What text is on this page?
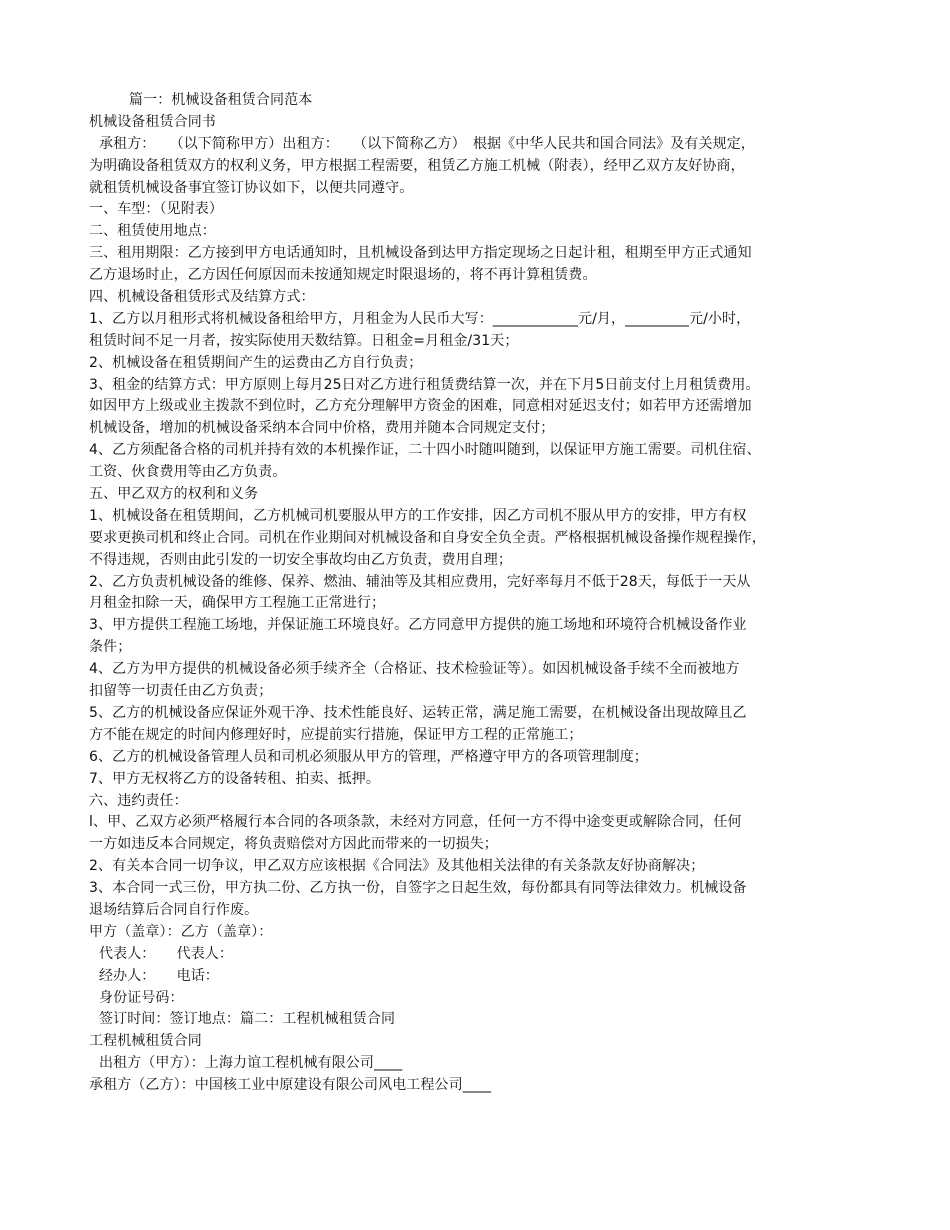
篇一：机械设备租赁合同范本
机械设备租赁合同书
承租方：　　（以下简称甲方）出租方：　　（以下简称乙方）　根据《中华人民共和国合同法》及有关规定，
为明确设备租赁双方的权利义务，甲方根据工程需要，租赁乙方施工机械（附表），经甲乙双方友好协商，
就租赁机械设备事宜签订协议如下，以便共同遵守。
一、车型：（见附表）
二、租赁使用地点：
三、租用期限：乙方接到甲方电话通知时，且机械设备到达甲方指定现场之日起计租，租期至甲方正式通知
乙方退场时止，乙方因任何原因而未按通知规定时限退场的，将不再计算租赁费。
四、机械设备租赁形式及结算方式：
1、乙方以月租形式将机械设备租给甲方，月租金为人民币大写：____________元/月，_________元/小时，
租赁时间不足一月者，按实际使用天数结算。日租金=月租金/31天；
2、机械设备在租赁期间产生的运费由乙方自行负责；
3、租金的结算方式：甲方原则上每月25日对乙方进行租赁费结算一次，并在下月5日前支付上月租赁费用。
如因甲方上级或业主拨款不到位时，乙方充分理解甲方资金的困难，同意相对延迟支付；如若甲方还需增加
机械设备，增加的机械设备采纳本合同中价格，费用并随本合同规定支付；
4、乙方须配备合格的司机并持有效的本机操作证，二十四小时随叫随到，以保证甲方施工需要。司机住宿、
工资、伙食费用等由乙方负责。
五、甲乙双方的权利和义务
1、机械设备在租赁期间，乙方机械司机要服从甲方的工作安排，因乙方司机不服从甲方的安排，甲方有权
要求更换司机和终止合同。司机在作业期间对机械设备和自身安全负全责。严格根据机械设备操作规程操作，
不得违规，否则由此引发的一切安全事故均由乙方负责，费用自理；
2、乙方负责机械设备的维修、保养、燃油、辅油等及其相应费用，完好率每月不低于28天，每低于一天从
月租金扣除一天，确保甲方工程施工正常进行；
3、甲方提供工程施工场地，并保证施工环境良好。乙方同意甲方提供的施工场地和环境符合机械设备作业
条件；
4、乙方为甲方提供的机械设备必须手续齐全（合格证、技术检验证等）。如因机械设备手续不全而被地方
扣留等一切责任由乙方负责；
5、乙方的机械设备应保证外观干净、技术性能良好、运转正常，满足施工需要，在机械设备出现故障且乙
方不能在规定的时间内修理好时，应提前实行措施，保证甲方工程的正常施工；
6、乙方的机械设备管理人员和司机必须服从甲方的管理，严格遵守甲方的各项管理制度；
7、甲方无权将乙方的设备转租、拍卖、抵押。
六、违约责任：
l、甲、乙双方必须严格履行本合同的各项条款，未经对方同意，任何一方不得中途变更或解除合同，任何
一方如违反本合同规定，将负责赔偿对方因此而带来的一切损失；
2、有关本合同一切争议，甲乙双方应该根据《合同法》及其他相关法律的有关条款友好协商解决；
3、本合同一式三份，甲方执二份、乙方执一份，自签字之日起生效，每份都具有同等法律效力。机械设备
退场结算后合同自行作废。
甲方（盖章）：乙方（盖章）：
代表人：　　代表人：
经办人：　　电话：
身份证号码：
签订时间：签订地点：篇二：工程机械租赁合同
工程机械租赁合同
出租方（甲方）：上海力谊工程机械有限公司____
承租方（乙方）：中国核工业中原建设有限公司风电工程公司____
